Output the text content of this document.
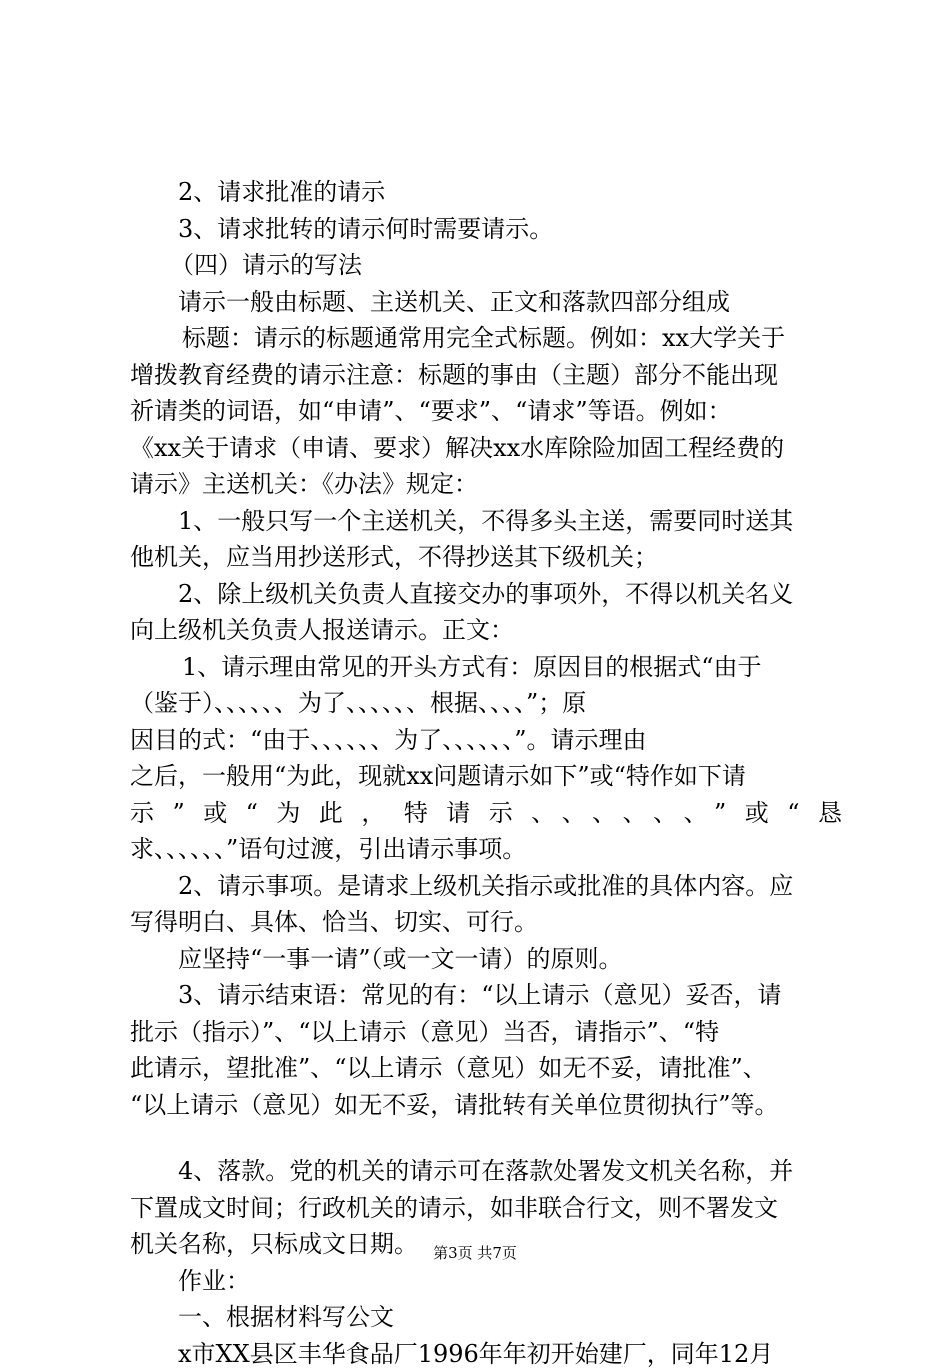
2、请求批准的请示
3、请求批转的请示何时需要请示。
（四）请示的写法
请示一般由标题、主送机关、正文和落款四部分组成
标题：请示的标题通常用完全式标题。例如：xx大学关于
增拨教育经费的请示注意：标题的事由（主题）部分不能出现
祈请类的词语，如“申请”、“要求”、“请求”等语。例如：
《xx关于请求（申请、要求）解决xx水库除险加固工程经费的
请示》主送机关：《办法》规定：
1、一般只写一个主送机关，不得多头主送，需要同时送其
他机关，应当用抄送形式，不得抄送其下级机关；
2、除上级机关负责人直接交办的事项外，不得以机关名义
向上级机关负责人报送请示。正文：
1、请示理由常见的开头方式有：原因目的根据式“由于
（鉴于）、、、、、、为了、、、、、、根据、、、、”；原
因目的式：“由于、、、、、、为了、、、、、、”。请示理由
之后，一般用“为此，现就xx问题请示如下”或“特作如下请
示”或“为此，特请示、、、、、、”或“恳
求、、、、、、”语句过渡，引出请示事项。
2、请示事项。是请求上级机关指示或批准的具体内容。应
写得明白、具体、恰当、切实、可行。
应坚持“一事一请”（或一文一请）的原则。
3、请示结束语：常见的有：“以上请示（意见）妥否，请
批示（指示）”、“以上请示（意见）当否，请指示”、“特
此请示，望批准”、“以上请示（意见）如无不妥，请批准”、
“以上请示（意见）如无不妥，请批转有关单位贯彻执行”等。
4、落款。党的机关的请示可在落款处署发文机关名称，并
下置成文时间；行政机关的请示，如非联合行文，则不署发文
机关名称，只标成文日期。
作业：
一、根据材料写公文
x市XX县区丰华食品厂1996年年初开始建厂，同年12月
第3页 共7页
